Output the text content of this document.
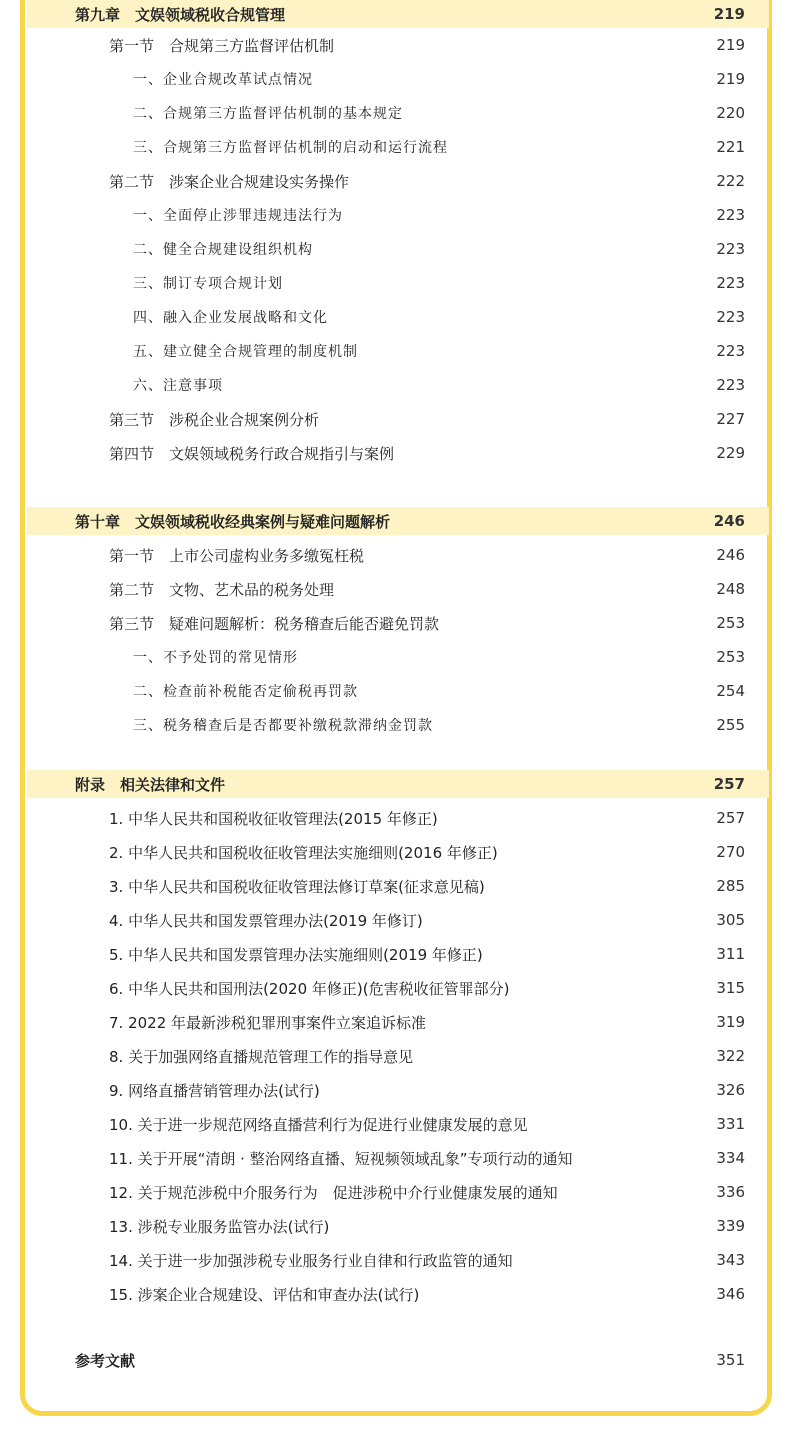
第九章　文娱领域税收合规管理	219
第一节　合规第三方监督评估机制	219
一、企业合规改革试点情况	219
二、合规第三方监督评估机制的基本规定	220
三、合规第三方监督评估机制的启动和运行流程	221
第二节　涉案企业合规建设实务操作	222
一、全面停止涉罪违规违法行为	223
二、健全合规建设组织机构	223
三、制订专项合规计划	223
四、融入企业发展战略和文化	223
五、建立健全合规管理的制度机制	223
六、注意事项	223
第三节　涉税企业合规案例分析	227
第四节　文娱领域税务行政合规指引与案例	229
第十章　文娱领域税收经典案例与疑难问题解析	246
第一节　上市公司虚构业务多缴冤枉税	246
第二节　文物、艺术品的税务处理	248
第三节　疑难问题解析：税务稽查后能否避免罚款	253
一、不予处罚的常见情形	253
二、检查前补税能否定偷税再罚款	254
三、税务稽查后是否都要补缴税款滞纳金罚款	255
附录　相关法律和文件	257
1. 中华人民共和国税收征收管理法(2015 年修正)	257
2. 中华人民共和国税收征收管理法实施细则(2016 年修正)	270
3. 中华人民共和国税收征收管理法修订草案(征求意见稿)	285
4. 中华人民共和国发票管理办法(2019 年修订)	305
5. 中华人民共和国发票管理办法实施细则(2019 年修正)	311
6. 中华人民共和国刑法(2020 年修正)(危害税收征管罪部分)	315
7. 2022 年最新涉税犯罪刑事案件立案追诉标准	319
8. 关于加强网络直播规范管理工作的指导意见	322
9. 网络直播营销管理办法(试行)	326
10. 关于进一步规范网络直播营利行为促进行业健康发展的意见	331
11. 关于开展“清朗 · 整治网络直播、短视频领域乱象”专项行动的通知	334
12. 关于规范涉税中介服务行为　促进涉税中介行业健康发展的通知	336
13. 涉税专业服务监管办法(试行)	339
14. 关于进一步加强涉税专业服务行业自律和行政监管的通知	343
15. 涉案企业合规建设、评估和审查办法(试行)	346
参考文献	351
